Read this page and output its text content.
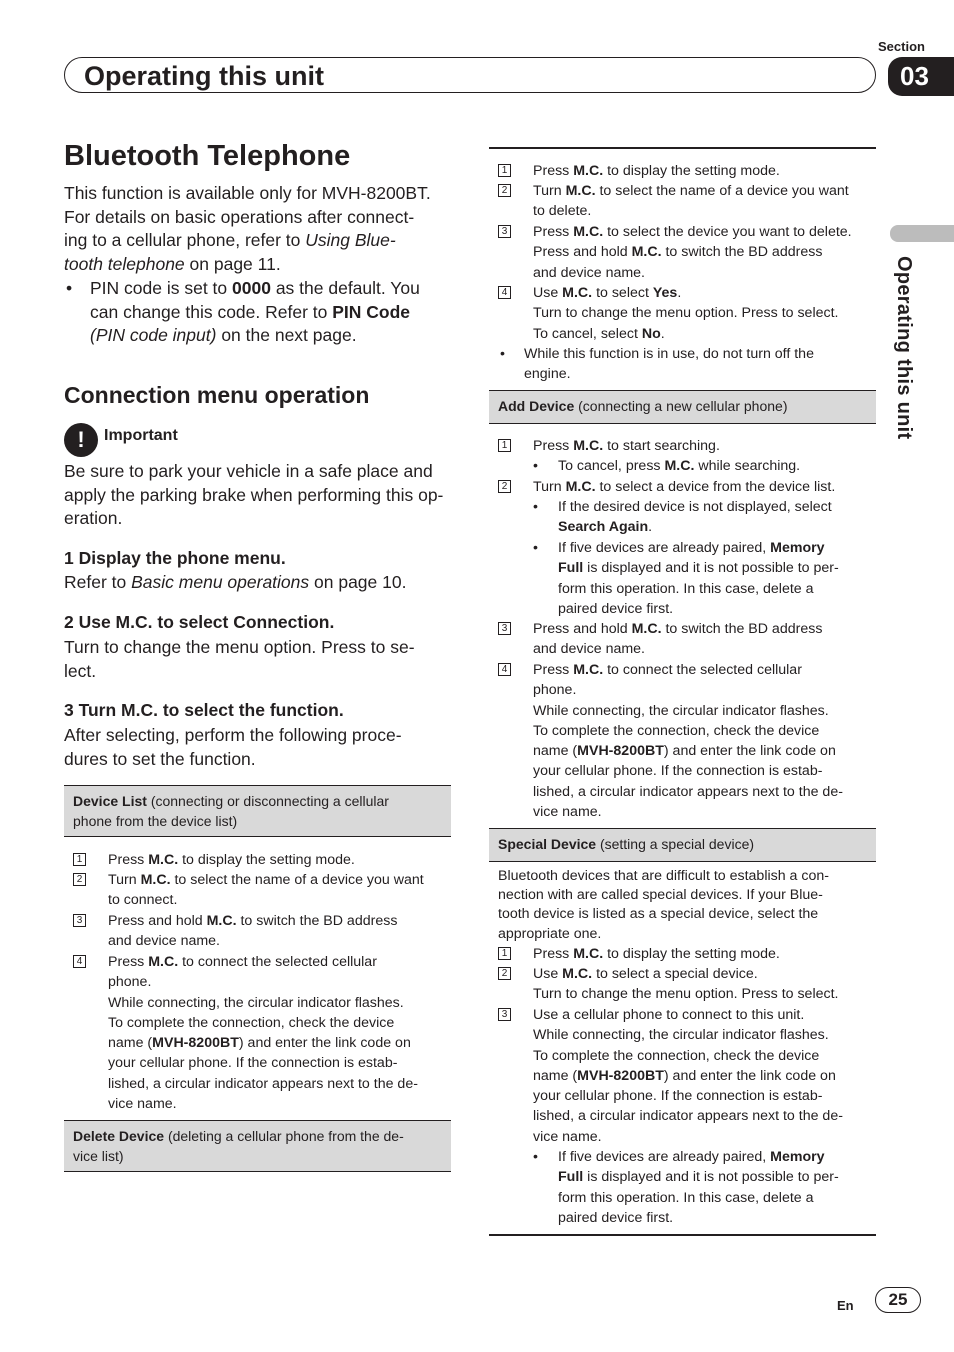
Section
Operating this unit	03
Operating this unit
Bluetooth Telephone
This function is available only for MVH-8200BT.
For details on basic operations after connect-
ing to a cellular phone, refer to Using Blue-
tooth telephone on page 11.
• PIN code is set to 0000 as the default. You
can change this code. Refer to PIN Code
(PIN code input) on the next page.
Connection menu operation
!	Important
Be sure to park your vehicle in a safe place and
apply the parking brake when performing this op-
eration.
1 Display the phone menu.
Refer to Basic menu operations on page 10.
2 Use M.C. to select Connection.
Turn to change the menu option. Press to se-
lect.
3 Turn M.C. to select the function.
After selecting, perform the following proce-
dures to set the function.
Device List (connecting or disconnecting a cellular
phone from the device list)
1 Press M.C. to display the setting mode.
2 Turn M.C. to select the name of a device you want
to connect.
3 Press and hold M.C. to switch the BD address
and device name.
4 Press M.C. to connect the selected cellular
phone.
While connecting, the circular indicator flashes.
To complete the connection, check the device
name (MVH-8200BT) and enter the link code on
your cellular phone. If the connection is estab-
lished, a circular indicator appears next to the de-
vice name.
Delete Device (deleting a cellular phone from the de-
vice list)
1 Press M.C. to display the setting mode.
2 Turn M.C. to select the name of a device you want
to delete.
3 Press M.C. to select the device you want to delete.
Press and hold M.C. to switch the BD address
and device name.
4 Use M.C. to select Yes.
Turn to change the menu option. Press to select.
To cancel, select No.
• While this function is in use, do not turn off the
engine.
Add Device (connecting a new cellular phone)
1	Press M.C. to start searching.
•	To cancel, press M.C. while searching.
2	Turn M.C. to select a device from the device list.
• If the desired device is not displayed, select
Search Again.
• If five devices are already paired, Memory
Full is displayed and it is not possible to per-
form this operation. In this case, delete a
paired device first.
3 Press and hold M.C. to switch the BD address
and device name.
4 Press M.C. to connect the selected cellular
phone.
While connecting, the circular indicator flashes.
To complete the connection, check the device
name (MVH-8200BT) and enter the link code on
your cellular phone. If the connection is estab-
lished, a circular indicator appears next to the de-
vice name.
Special Device (setting a special device)
Bluetooth devices that are difficult to establish a con-
nection with are called special devices. If your Blue-
tooth device is listed as a special device, select the
appropriate one.
1	Press M.C. to display the setting mode.
2 Use M.C. to select a special device.
Turn to change the menu option. Press to select.
3 Use a cellular phone to connect to this unit.
While connecting, the circular indicator flashes.
To complete the connection, check the device
name (MVH-8200BT) and enter the link code on
your cellular phone. If the connection is estab-
lished, a circular indicator appears next to the de-
vice name.
• If five devices are already paired, Memory
Full is displayed and it is not possible to per-
form this operation. In this case, delete a
paired device first.
En	25
